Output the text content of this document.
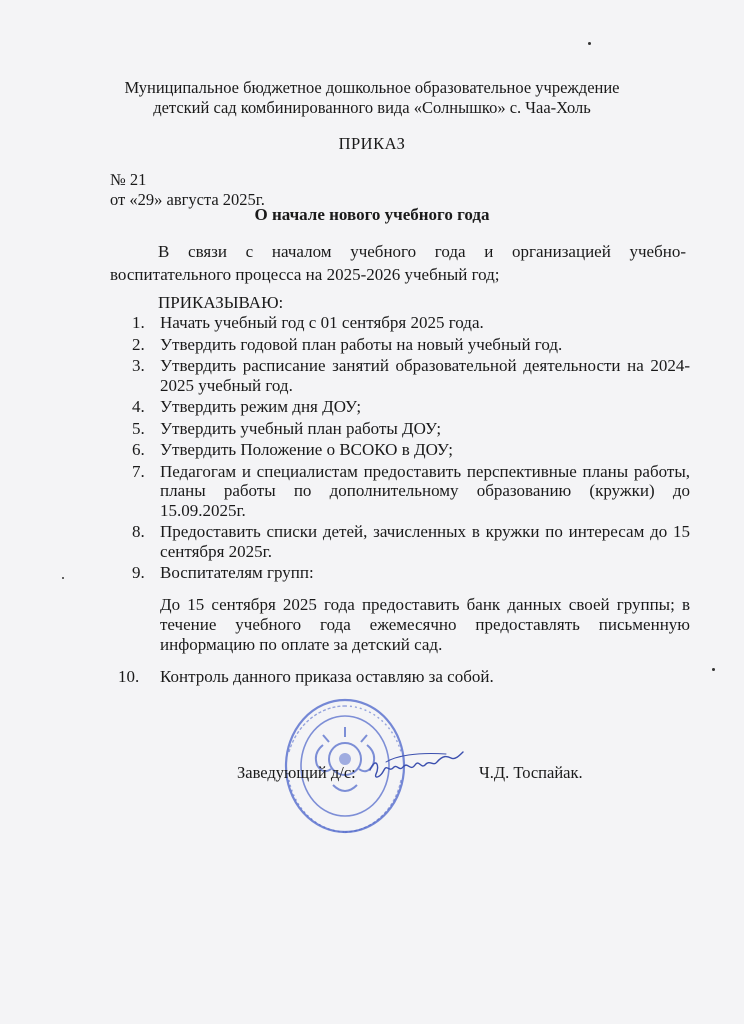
Муниципальное бюджетное дошкольное образовательное учреждение
детский сад комбинированного вида «Солнышко» с. Чаа-Холь
ПРИКАЗ
№ 21
от «29» августа 2025г.
О начале нового учебного года
В связи с началом учебного года и организацией учебно-воспитательного процесса на 2025-2026 учебный год;
ПРИКАЗЫВАЮ:
1. Начать учебный год с 01 сентября 2025 года.
2. Утвердить годовой план работы на новый учебный год.
3. Утвердить расписание занятий образовательной деятельности на 2024-2025 учебный год.
4. Утвердить режим дня ДОУ;
5. Утвердить учебный план работы ДОУ;
6. Утвердить Положение о ВСОКО в ДОУ;
7. Педагогам и специалистам предоставить перспективные планы работы, планы работы по дополнительному образованию (кружки) до 15.09.2025г.
8. Предоставить списки детей, зачисленных в кружки по интересам до 15 сентября 2025г.
9. Воспитателям групп:
До 15 сентября 2025 года предоставить банк данных своей группы; в течение учебного года ежемесячно предоставлять письменную информацию по оплате за детский сад.
10.	Контроль данного приказа оставляю за собой.
Заведующий д/с:	Ч.Д. Тоспайак.
